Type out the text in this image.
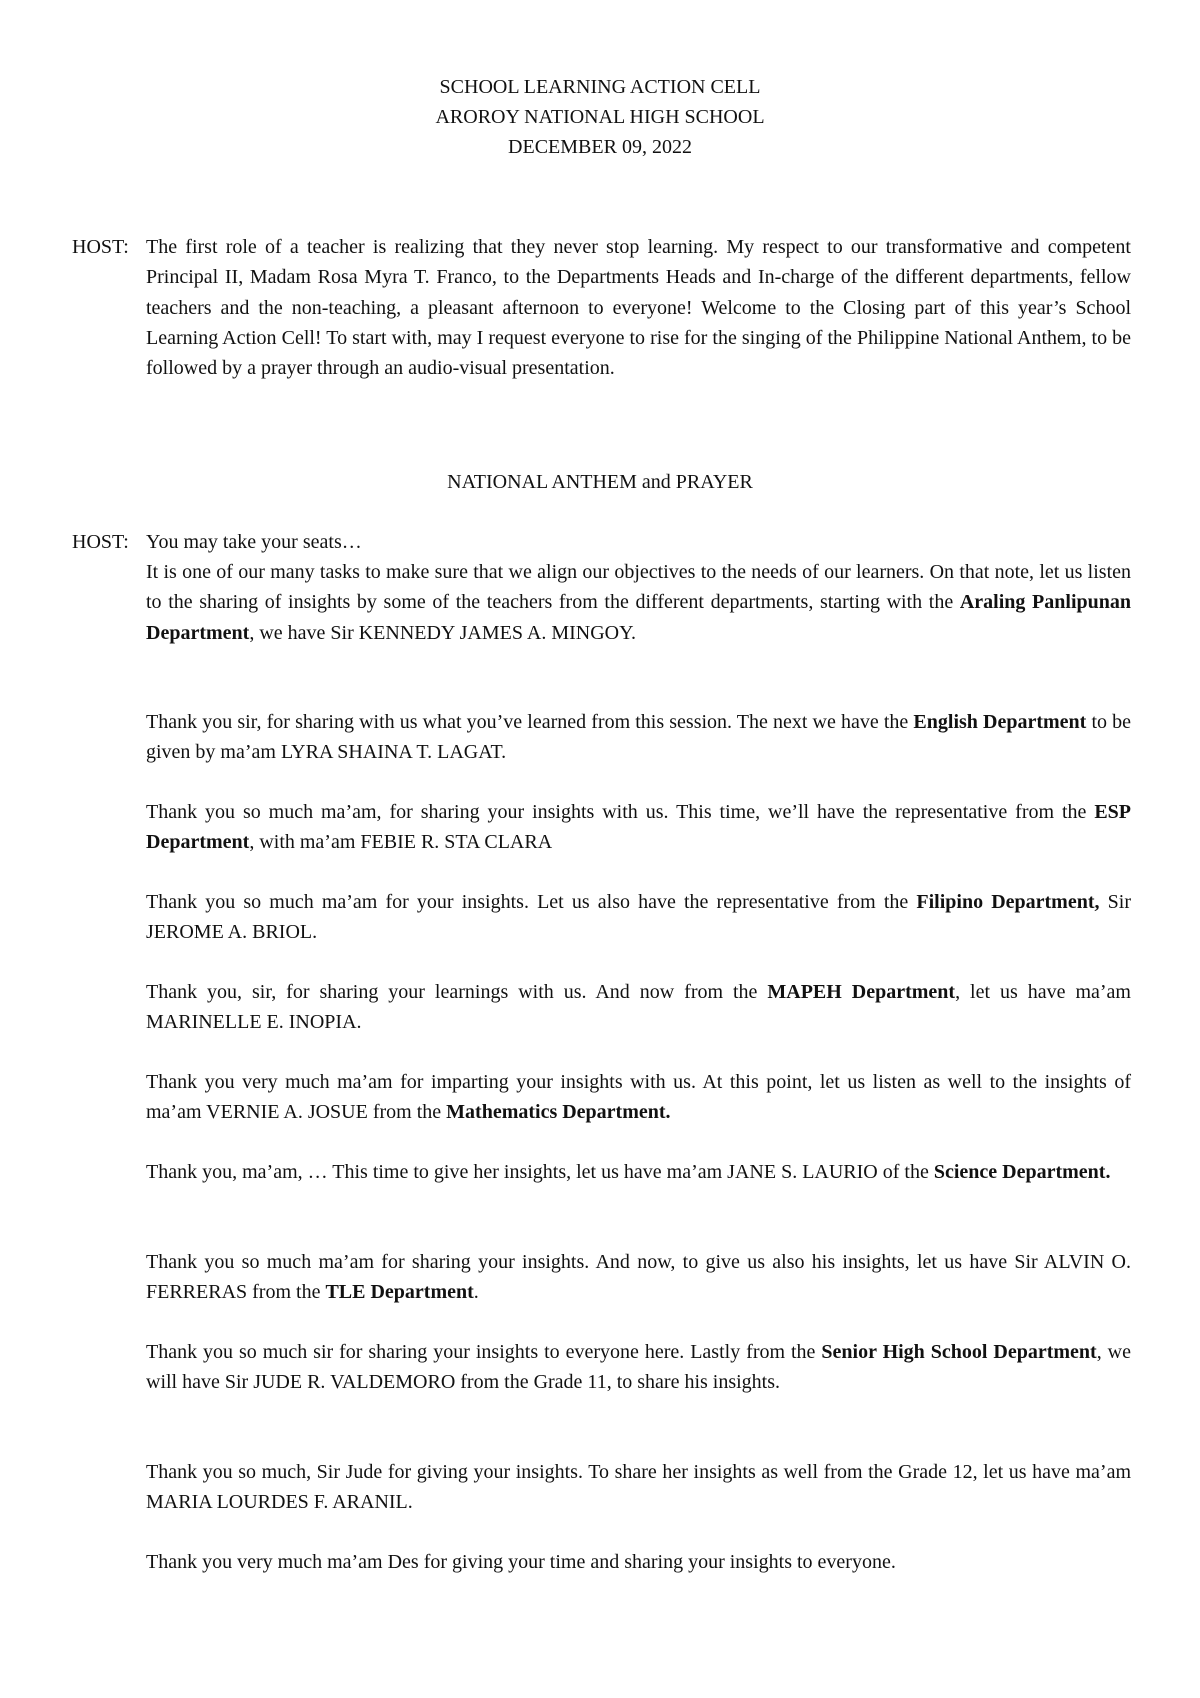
SCHOOL LEARNING ACTION CELL
AROROY NATIONAL HIGH SCHOOL
DECEMBER 09, 2022
HOST: The first role of a teacher is realizing that they never stop learning. My respect to our transformative and competent Principal II, Madam Rosa Myra T. Franco, to the Departments Heads and In-charge of the different departments, fellow teachers and the non-teaching, a pleasant afternoon to everyone! Welcome to the Closing part of this year’s School Learning Action Cell! To start with, may I request everyone to rise for the singing of the Philippine National Anthem, to be followed by a prayer through an audio-visual presentation.
NATIONAL ANTHEM and PRAYER
HOST: You may take your seats…

It is one of our many tasks to make sure that we align our objectives to the needs of our learners. On that note, let us listen to the sharing of insights by some of the teachers from the different departments, starting with the Araling Panlipunan Department, we have Sir KENNEDY JAMES A. MINGOY.

Thank you sir, for sharing with us what you’ve learned from this session. The next we have the English Department to be given by ma’am LYRA SHAINA T. LAGAT.

Thank you so much ma’am, for sharing your insights with us. This time, we’ll have the representative from the ESP Department, with ma’am FEBIE R. STA CLARA

Thank you so much ma’am for your insights. Let us also have the representative from the Filipino Department, Sir JEROME A. BRIOL.

Thank you, sir, for sharing your learnings with us. And now from the MAPEH Department, let us have ma’am MARINELLE E. INOPIA.

Thank you very much ma’am for imparting your insights with us. At this point, let us listen as well to the insights of ma’am VERNIE A. JOSUE from the Mathematics Department.

Thank you, ma’am, … This time to give her insights, let us have ma’am JANE S. LAURIO of the Science Department.

Thank you so much ma’am for sharing your insights. And now, to give us also his insights, let us have Sir ALVIN O. FERRERAS from the TLE Department.

Thank you so much sir for sharing your insights to everyone here. Lastly from the Senior High School Department, we will have Sir JUDE R. VALDEMORO from the Grade 11, to share his insights.

Thank you so much, Sir Jude for giving your insights. To share her insights as well from the Grade 12, let us have ma’am MARIA LOURDES F. ARANIL.

Thank you very much ma’am Des for giving your time and sharing your insights to everyone.
